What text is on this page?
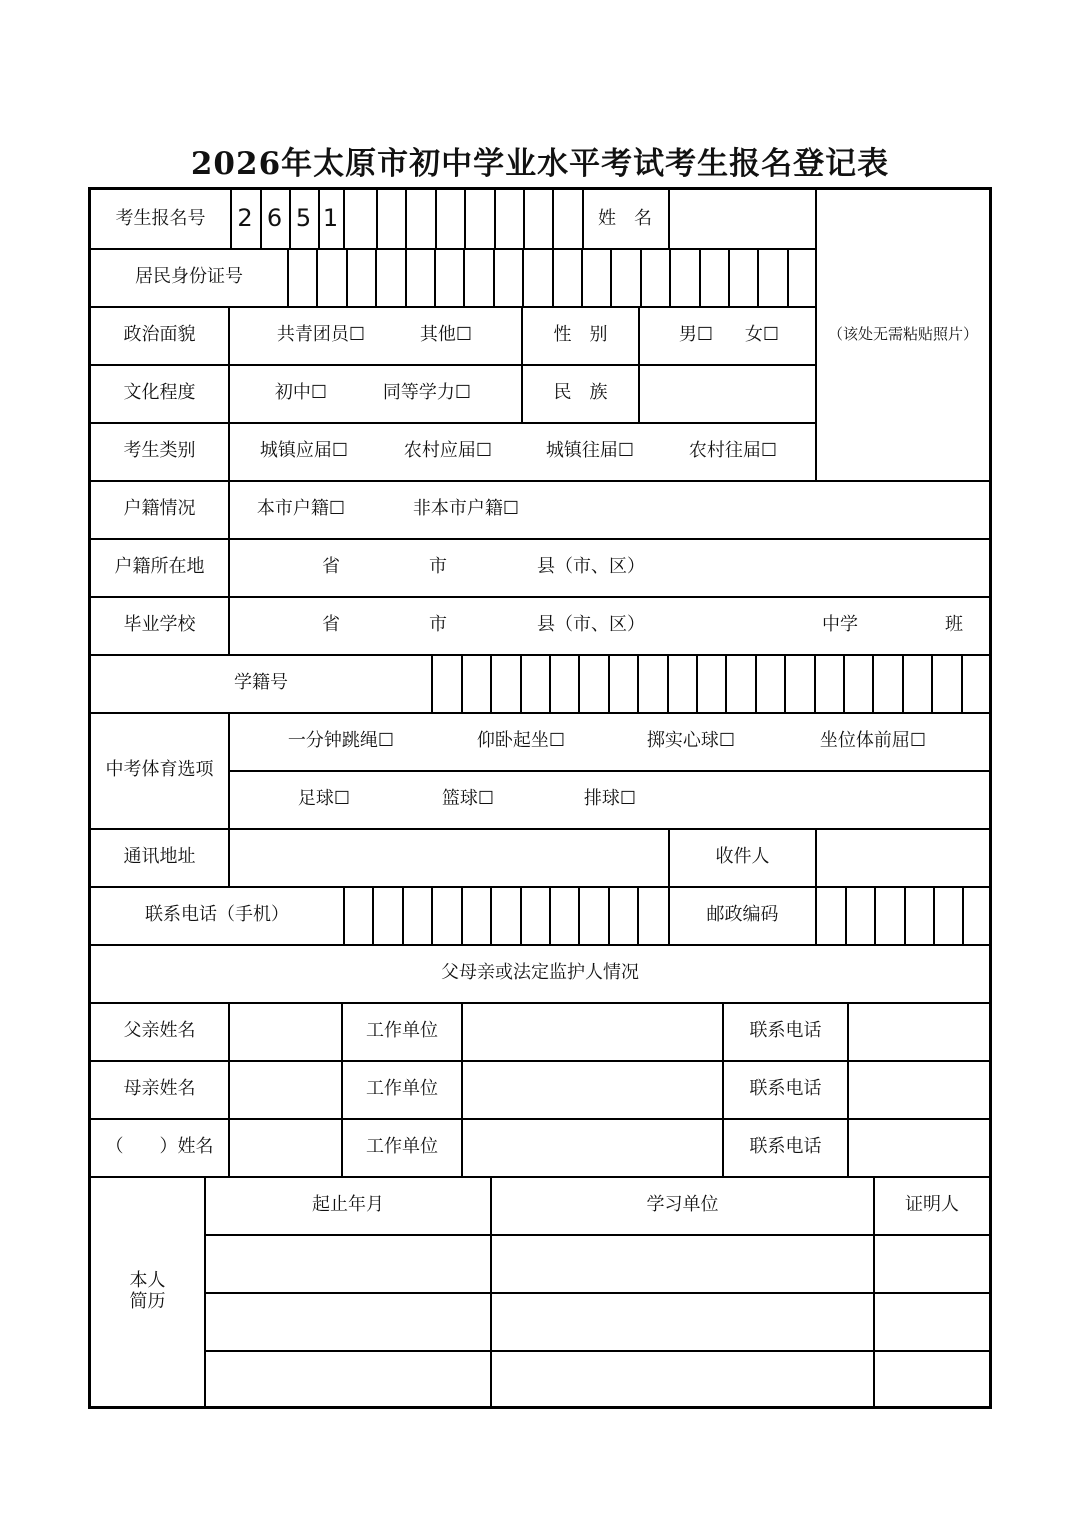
2026年太原市初中学业水平考试考生报名登记表
考生报名号	2 6 5 1	姓　名
（该处无需粘贴照片）
居民身份证号
政治面貌	共青团员☐	其他☐	性　别	男☐	女☐
文化程度	初中☐	同等学力☐	民　族
考生类别	城镇应届☐	农村应届☐	城镇往届☐	农村往届☐
户籍情况	本市户籍☐	非本市户籍☐
户籍所在地	省	市	县（市、区）
毕业学校	省	市	县（市、区）	中学	班
学籍号
中考体育选项
一分钟跳绳☐	仰卧起坐☐	掷实心球☐	坐位体前屈☐
足球☐	篮球☐	排球☐
通讯地址	收件人
联系电话（手机）	邮政编码
父母亲或法定监护人情况
父亲姓名	工作单位	联系电话
母亲姓名	工作单位	联系电话
（　　）姓名	工作单位	联系电话
本人
简历
起止年月	学习单位	证明人
